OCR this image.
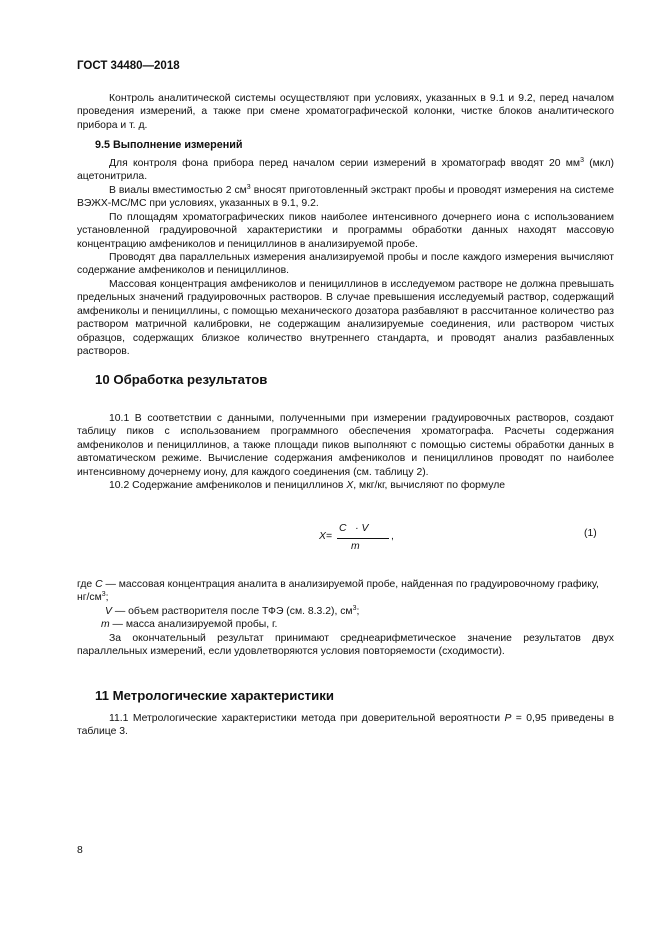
ГОСТ 34480—2018

Контроль аналитической системы осуществляют при условиях, указанных в 9.1 и 9.2, перед началом проведения измерений, а также при смене хроматографической колонки, чистке блоков аналитического прибора и т. д.

9.5 Выполнение измерений

Для контроля фона прибора перед началом серии измерений в хроматограф вводят 20 $мм^3$ (мкл) ацетонитрила.

В виалы вместимостью 2 $см^3$ вносят приготовленный экстракт пробы и проводят измерения на системе ВЭЖХ-МС/МС при условиях, указанных в 9.1, 9.2.

По площадям хроматографических пиков наиболее интенсивного дочернего иона с использованием установленной градуировочной характеристики и программы обработки данных находят массовую концентрацию амфениколов и пенициллинов в анализируемой пробе.

Проводят два параллельных измерения анализируемой пробы и после каждого измерения вычисляют содержание амфениколов и пенициллинов.

Массовая концентрация амфениколов и пенициллинов в исследуемом растворе не должна превышать предельных значений градуировочных растворов. В случае превышения исследуемый раствор, содержащий амфениколы и пенициллины, с помощью механического дозатора разбавляют в рассчитанное количество раз раствором матричной калибровки, не содержащим анализируемые соединения, или раствором чистых образцов, содержащих близкое количество внутреннего стандарта, и проводят анализ разбавленных растворов.

10 Обработка результатов

10.1 В соответствии с данными, полученными при измерении градуировочных растворов, создают таблицу пиков с использованием программного обеспечения хроматографа. Расчеты содержания амфениколов и пенициллинов, а также площади пиков выполняют с помощью системы обработки данных в автоматическом режиме. Вычисление содержания амфениколов и пенициллинов проводят по наиболее интенсивному дочернему иону, для каждого соединения (см. таблицу 2).

10.2 Содержание амфениколов и пенициллинов X, мкг/кг, вычисляют по формуле

X=
C   · V
m
,	(1)

где C — массовая концентрация аналита в анализируемой пробе, найденная по градуировочному графику, $нг/см^3$;

V — объем растворителя после ТФЭ (см. 8.3.2), $см^3$;

m — масса анализируемой пробы, г.

За окончательный результат принимают среднеарифметическое значение результатов двух параллельных измерений, если удовлетворяются условия повторяемости (сходимости).

11 Метрологические характеристики

11.1 Метрологические характеристики метода при доверительной вероятности P = 0,95 приведены в таблице 3.

8
